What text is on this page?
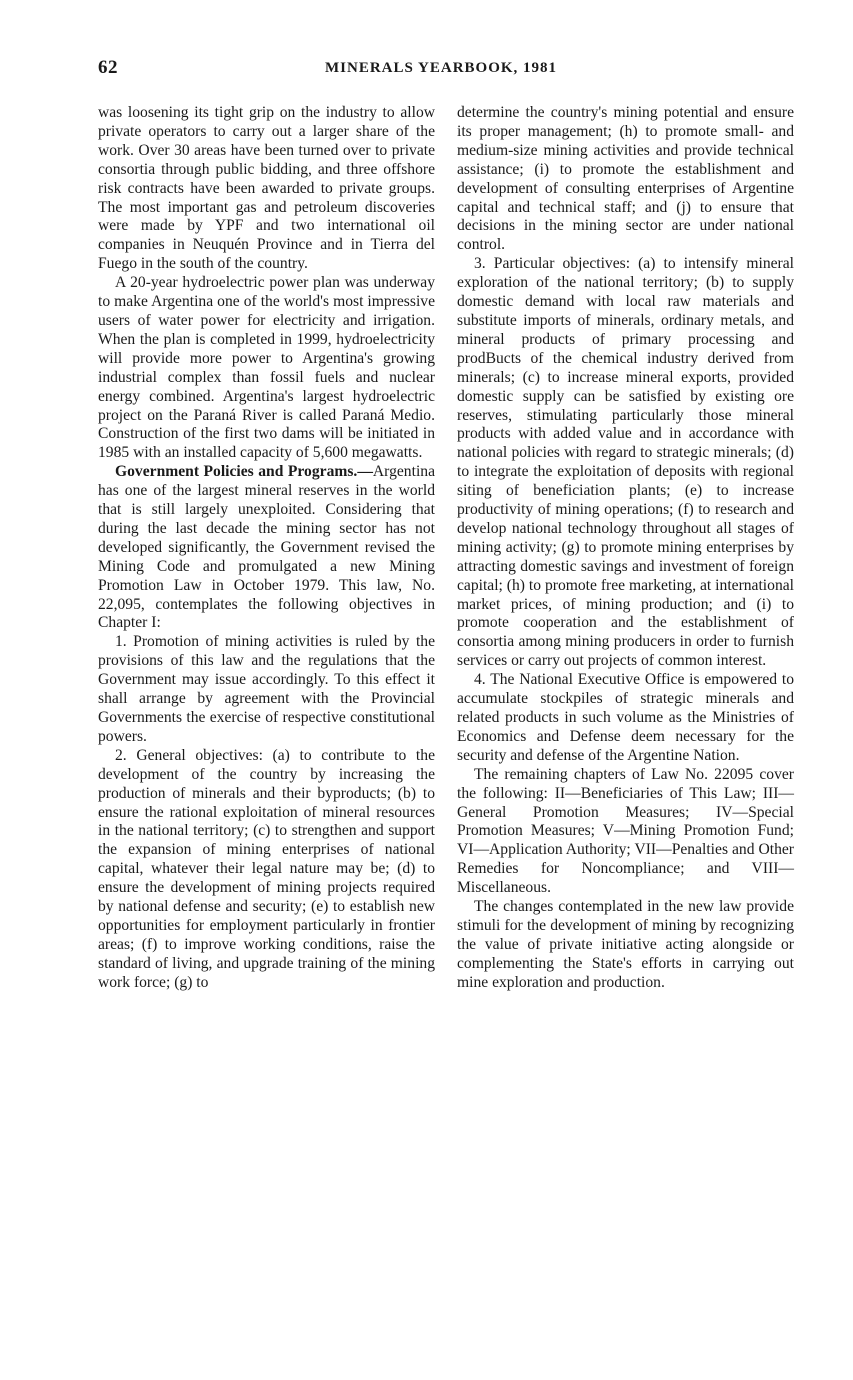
62	MINERALS YEARBOOK, 1981

was loosening its tight grip on the industry to allow private operators to carry out a larger share of the work. Over 30 areas have been turned over to private consortia through public bidding, and three offshore risk contracts have been awarded to private groups. The most important gas and petroleum discoveries were made by YPF and two international oil companies in Neuquén Province and in Tierra del Fuego in the south of the country.

A 20-year hydroelectric power plan was underway to make Argentina one of the world's most impressive users of water power for electricity and irrigation. When the plan is completed in 1999, hydroelectricity will provide more power to Argentina's growing industrial complex than fossil fuels and nuclear energy combined. Argentina's largest hydroelectric project on the Paraná River is called Paraná Medio. Construction of the first two dams will be initiated in 1985 with an installed capacity of 5,600 megawatts.

Government Policies and Programs.—Argentina has one of the largest mineral reserves in the world that is still largely unexploited. Considering that during the last decade the mining sector has not developed significantly, the Government revised the Mining Code and promulgated a new Mining Promotion Law in October 1979. This law, No. 22,095, contemplates the following objectives in Chapter I:

1. Promotion of mining activities is ruled by the provisions of this law and the regulations that the Government may issue accordingly. To this effect it shall arrange by agreement with the Provincial Governments the exercise of respective constitutional powers.

2. General objectives: (a) to contribute to the development of the country by increasing the production of minerals and their byproducts; (b) to ensure the rational exploitation of mineral resources in the national territory; (c) to strengthen and support the expansion of mining enterprises of national capital, whatever their legal nature may be; (d) to ensure the development of mining projects required by national defense and security; (e) to establish new opportunities for employment particularly in frontier areas; (f) to improve working conditions, raise the standard of living, and upgrade training of the mining work force; (g) to

determine the country's mining potential and ensure its proper management; (h) to promote small- and medium-size mining activities and provide technical assistance; (i) to promote the establishment and development of consulting enterprises of Argentine capital and technical staff; and (j) to ensure that decisions in the mining sector are under national control.

3. Particular objectives: (a) to intensify mineral exploration of the national territory; (b) to supply domestic demand with local raw materials and substitute imports of minerals, ordinary metals, and mineral products of primary processing and prodBucts of the chemical industry derived from minerals; (c) to increase mineral exports, provided domestic supply can be satisfied by existing ore reserves, stimulating particularly those mineral products with added value and in accordance with national policies with regard to strategic minerals; (d) to integrate the exploitation of deposits with regional siting of beneficiation plants; (e) to increase productivity of mining operations; (f) to research and develop national technology throughout all stages of mining activity; (g) to promote mining enterprises by attracting domestic savings and investment of foreign capital; (h) to promote free marketing, at international market prices, of mining production; and (i) to promote cooperation and the establishment of consortia among mining producers in order to furnish services or carry out projects of common interest.

4. The National Executive Office is empowered to accumulate stockpiles of strategic minerals and related products in such volume as the Ministries of Economics and Defense deem necessary for the security and defense of the Argentine Nation.

The remaining chapters of Law No. 22095 cover the following: II—Beneficiaries of This Law; III—General Promotion Measures; IV—Special Promotion Measures; V—Mining Promotion Fund; VI—Application Authority; VII—Penalties and Other Remedies for Noncompliance; and VIII—Miscellaneous.

The changes contemplated in the new law provide stimuli for the development of mining by recognizing the value of private initiative acting alongside or complementing the State's efforts in carrying out mine exploration and production.
